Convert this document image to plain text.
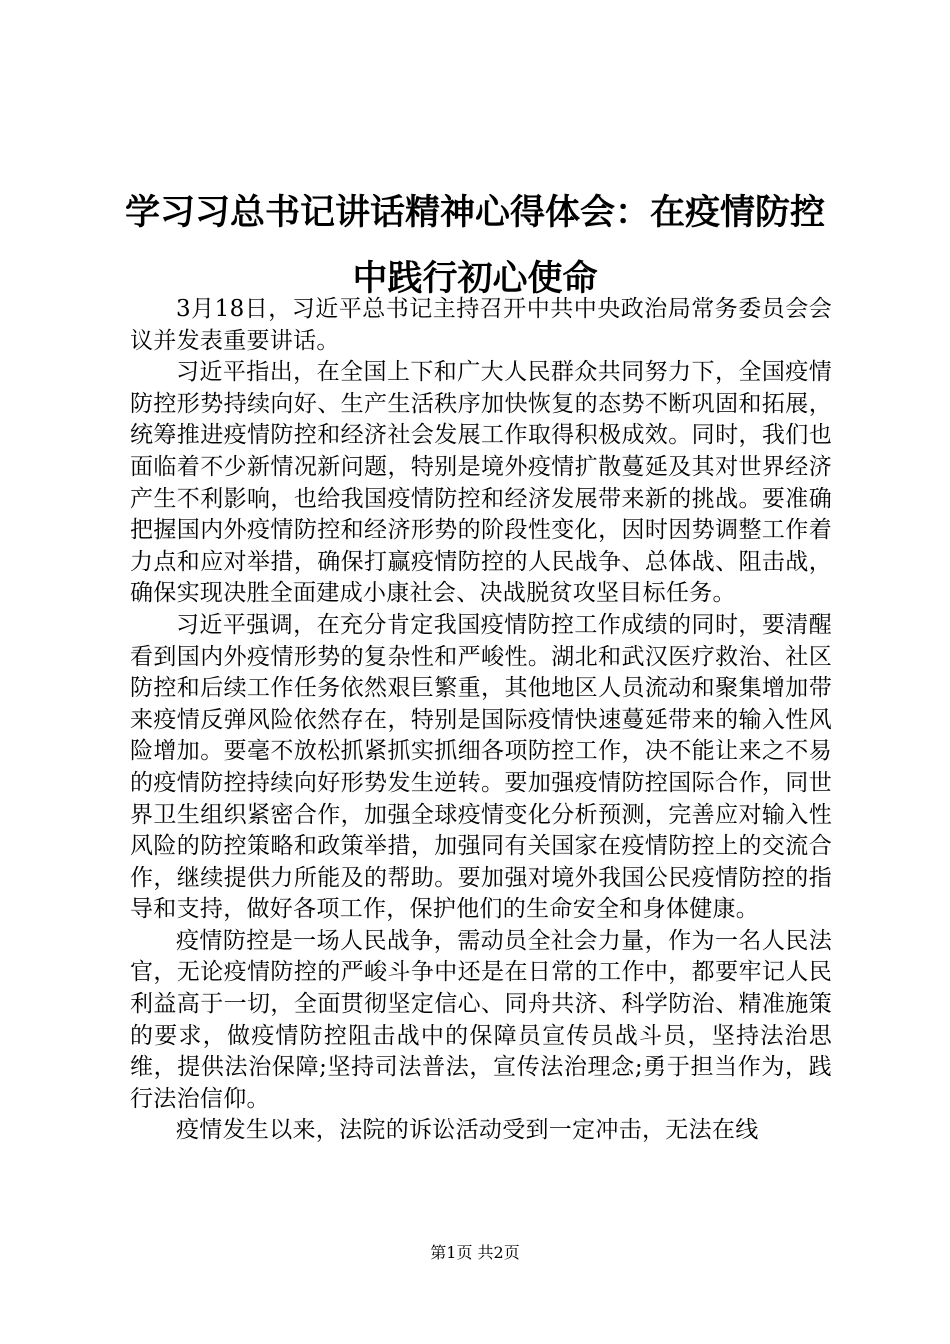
学习习总书记讲话精神心得体会：在疫情防控
中践行初心使命

3月18日，习近平总书记主持召开中共中央政治局常务委员会会议并发表重要讲话。

习近平指出，在全国上下和广大人民群众共同努力下，全国疫情防控形势持续向好、生产生活秩序加快恢复的态势不断巩固和拓展，统筹推进疫情防控和经济社会发展工作取得积极成效。同时，我们也面临着不少新情况新问题，特别是境外疫情扩散蔓延及其对世界经济产生不利影响，也给我国疫情防控和经济发展带来新的挑战。要准确把握国内外疫情防控和经济形势的阶段性变化，因时因势调整工作着力点和应对举措，确保打赢疫情防控的人民战争、总体战、阻击战，确保实现决胜全面建成小康社会、决战脱贫攻坚目标任务。

习近平强调，在充分肯定我国疫情防控工作成绩的同时，要清醒看到国内外疫情形势的复杂性和严峻性。湖北和武汉医疗救治、社区防控和后续工作任务依然艰巨繁重，其他地区人员流动和聚集增加带来疫情反弹风险依然存在，特别是国际疫情快速蔓延带来的输入性风险增加。要毫不放松抓紧抓实抓细各项防控工作，决不能让来之不易的疫情防控持续向好形势发生逆转。要加强疫情防控国际合作，同世界卫生组织紧密合作，加强全球疫情变化分析预测，完善应对输入性风险的防控策略和政策举措，加强同有关国家在疫情防控上的交流合作，继续提供力所能及的帮助。要加强对境外我国公民疫情防控的指导和支持，做好各项工作，保护他们的生命安全和身体健康。

疫情防控是一场人民战争，需动员全社会力量，作为一名人民法官，无论疫情防控的严峻斗争中还是在日常的工作中，都要牢记人民利益高于一切，全面贯彻坚定信心、同舟共济、科学防治、精准施策的要求，做疫情防控阻击战中的保障员宣传员战斗员，坚持法治思维，提供法治保障;坚持司法普法，宣传法治理念;勇于担当作为，践行法治信仰。

疫情发生以来，法院的诉讼活动受到一定冲击，无法在线

第1页 共2页
